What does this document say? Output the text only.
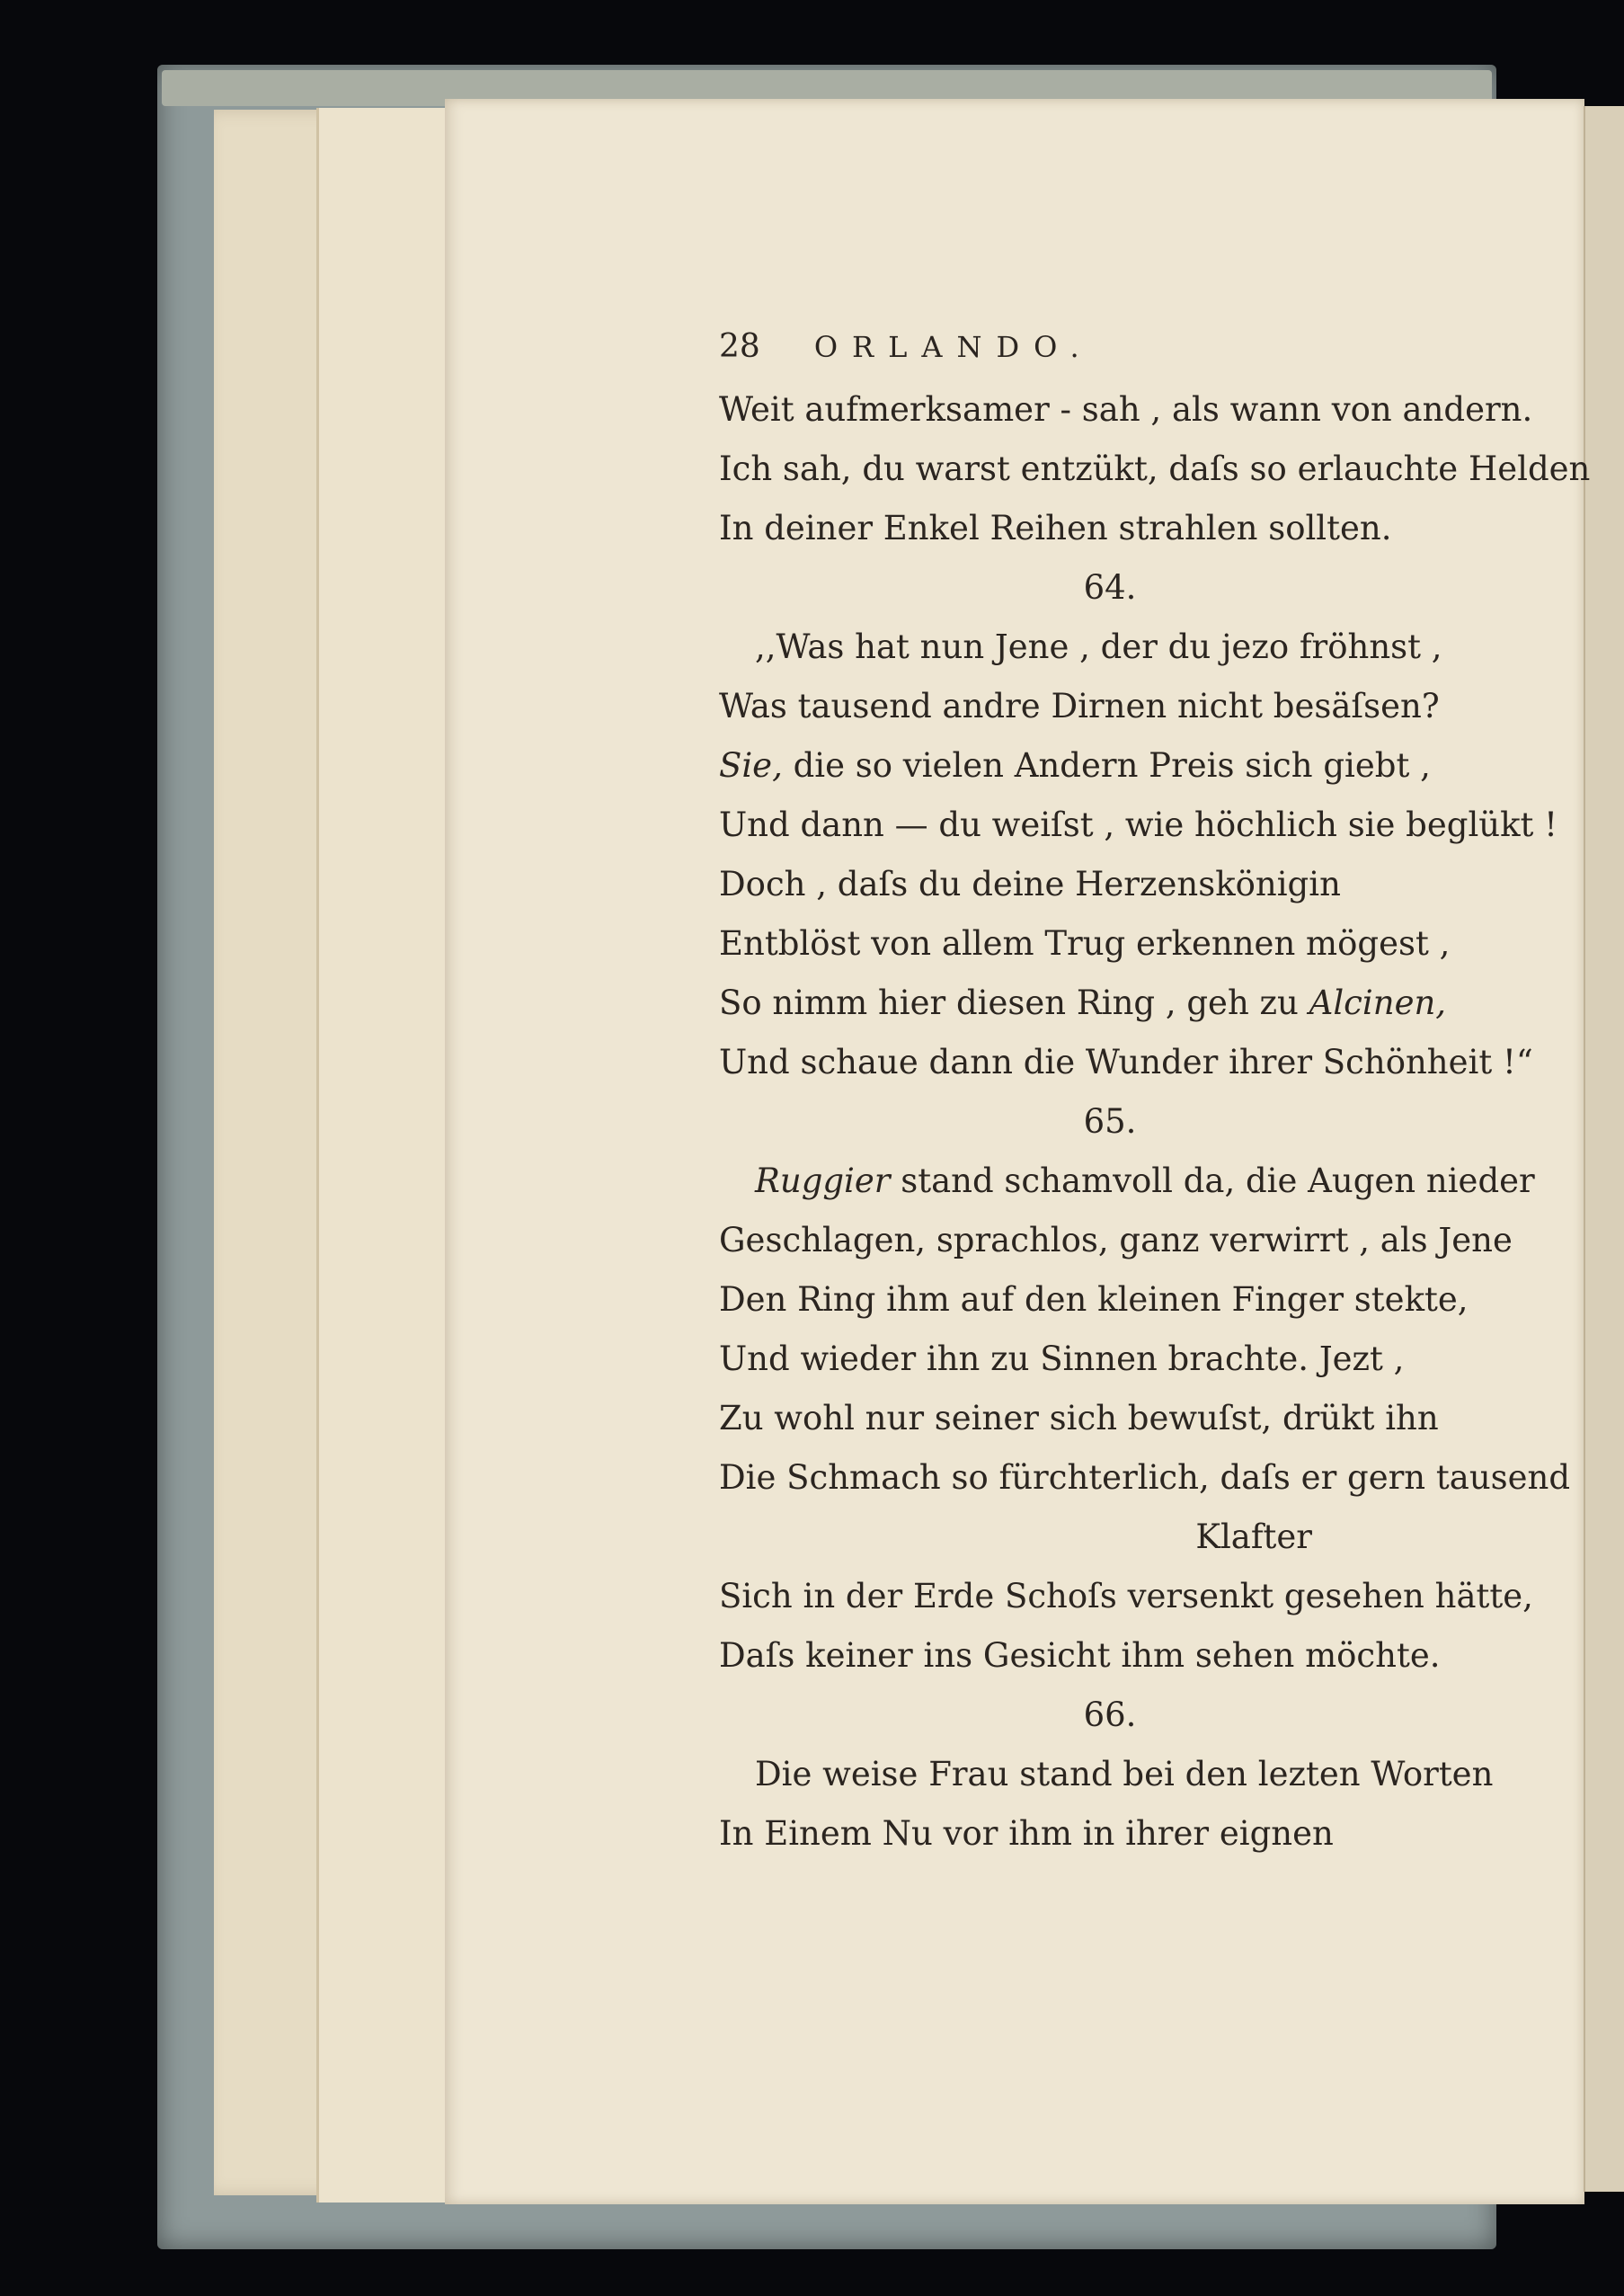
28 ORLANDO.
Weit aufmerksamer - sah , als wann von andern.
Ich sah, du warst entzükt, daſs so erlauchte Helden
In deiner Enkel Reihen strahlen sollten.
64.
,,Was hat nun Jene , der du jezo fröhnst ,
Was tausend andre Dirnen nicht besäſsen?
Sie, die so vielen Andern Preis sich giebt ,
Und dann — du weiſst , wie höchlich sie beglükt !
Doch , daſs du deine Herzenskönigin
Entblöst von allem Trug erkennen mögest ,
So nimm hier diesen Ring , geh zu Alcinen,
Und schaue dann die Wunder ihrer Schönheit !“
65.
Ruggier stand schamvoll da, die Augen nieder
Geschlagen, sprachlos, ganz verwirrt , als Jene
Den Ring ihm auf den kleinen Finger stekte,
Und wieder ihn zu Sinnen brachte. Jezt ,
Zu wohl nur seiner sich bewuſst, drükt ihn
Die Schmach so fürchterlich, daſs er gern tausend
Klafter
Sich in der Erde Schoſs versenkt gesehen hätte,
Daſs keiner ins Gesicht ihm sehen möchte.
66.
Die weise Frau stand bei den lezten Worten
In Einem Nu vor ihm in ihrer eignen
